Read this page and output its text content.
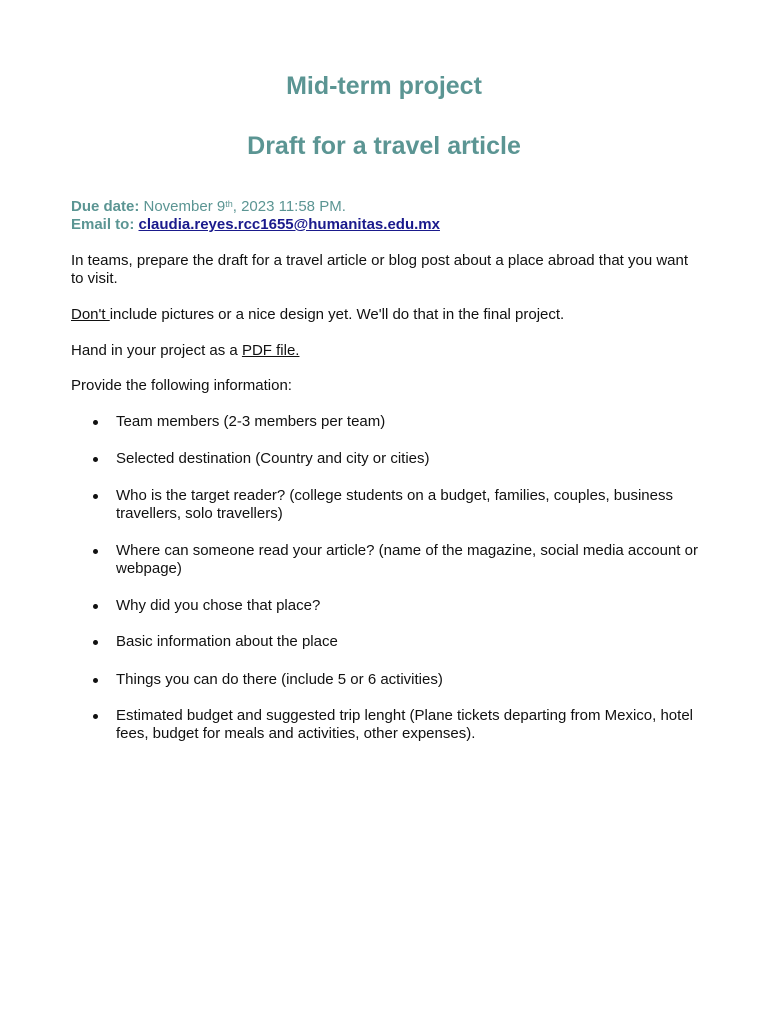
Mid-term project
Draft for a travel article
Due date: November 9th, 2023 11:58 PM.
Email to: claudia.reyes.rcc1655@humanitas.edu.mx

In teams, prepare the draft for a travel article or blog post about a place abroad that you want to visit.

Don't include pictures or a nice design yet. We'll do that in the final project.

Hand in your project as a PDF file.

Provide the following information:

Team members (2-3 members per team)
Selected destination (Country and city or cities)
Who is the target reader? (college students on a budget, families, couples, business travellers, solo travellers)
Where can someone read your article? (name of the magazine, social media account or webpage)
Why did you chose that place?
Basic information about the place
Things you can do there (include 5 or 6 activities)
Estimated budget and suggested trip lenght (Plane tickets departing from Mexico, hotel fees, budget for meals and activities, other expenses).
